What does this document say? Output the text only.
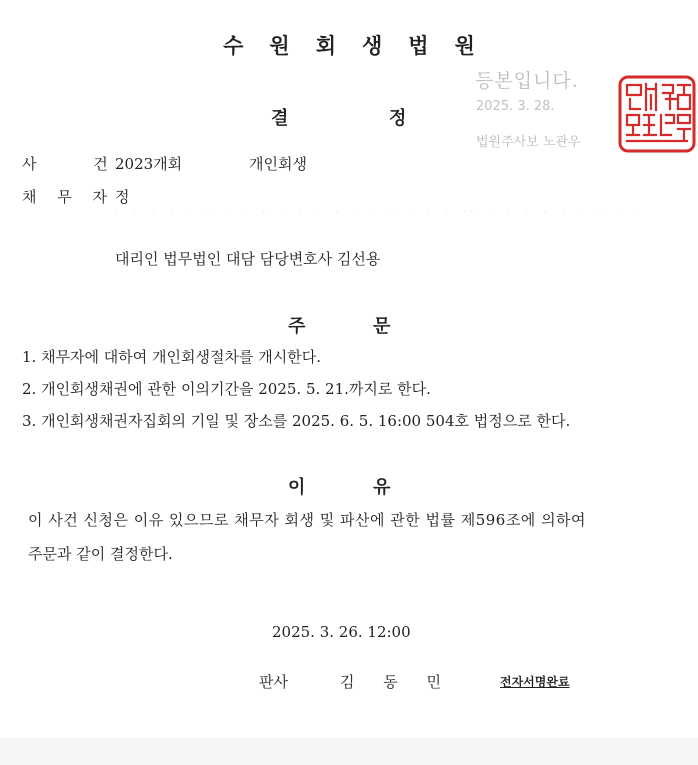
수원회생법원
등본입니다.
2025. 3. 28.
법원주사보 노관우
결	정
사 건
2023개회	개인회생
채 무 자 정
· · · · · · · · · · · · · · · · · · · ·
· · · · · · · · · ·
대리인 법무법인 대담 담당변호사 김선용
주	문
1. 채무자에 대하여 개인회생절차를 개시한다.
2. 개인회생채권에 관한 이의기간을 2025. 5. 21.까지로 한다.
3. 개인회생채권자집회의 기일 및 장소를 2025. 6. 5. 16:00 504호 법정으로 한다.
이	유
이 사건 신청은 이유 있으므로 채무자 회생 및 파산에 관한 법률 제596조에 의하여
주문과 같이 결정한다.
2025. 3. 26. 12:00
판사	김 동 민	전자서명완료
